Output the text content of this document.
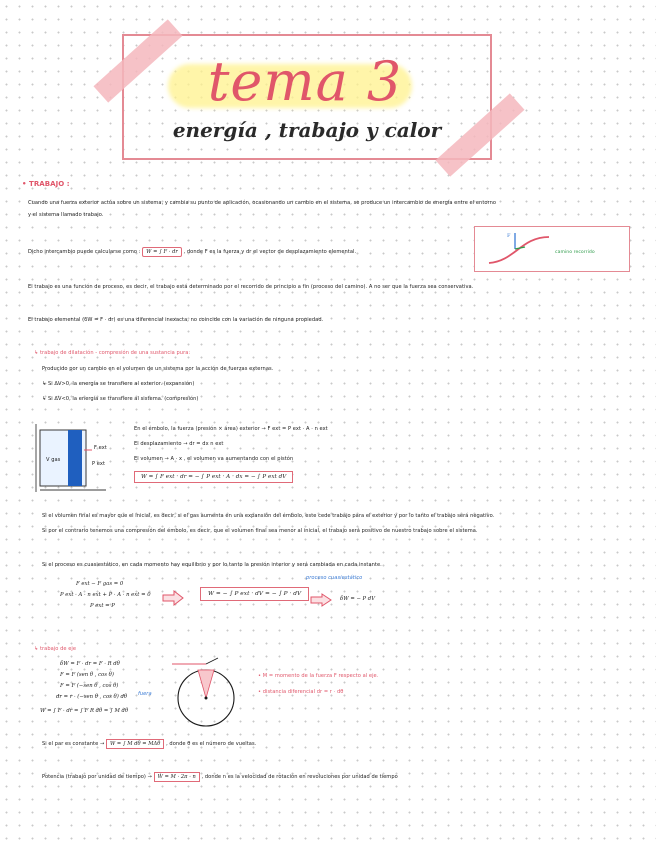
tema 3
energía , trabajo y calor
• TRABAJO :
Cuando una fuerza exterior actúa sobre un sistema, y cambia su punto de aplicación, ocasionando un cambio en el sistema, se produce un intercambio de energía entre el entorno
y el sistema llamado trabajo.
Dicho intercambio puede calcularse como : W = ∫ F · dr , donde F es la fuerza y dr el vector de desplazamiento elemental.
F
camino recorrido
El trabajo es una función de proceso, es decir, el trabajo está determinado por el recorrido de principio a fin (proceso del camino). A no ser que la fuerza sea conservativa.
El trabajo elemental (δW = F · dr) es una diferencial inexacta, no coincide con la variación de ninguna propiedad.
↳ trabajo de dilatación - compresión de una sustancia pura:
Producido por un cambio en el volumen de un sistema por la acción de fuerzas externas.
↳ Si ΔV>0, la energía se transfiere al exterior. (expansión)
↳ Si ΔV<0, la energía se transfiere al sistema. (compresión)
V gas
F ext
P ext
En el émbolo, la fuerza (presión × área) exterior → F ext = P ext · A · n ext
El desplazamiento → dr = dx n ext
El volumen → A · x , el volumen va aumentando con el pistón
W = ∫ F ext · dr = − ∫ P ext · A · dx = − ∫ P ext dV
Si el volumen final es mayor que el inicial, es decir, si el gas aumenta en una expansión del émbolo, este cede trabajo para el exterior y por lo tanto el trabajo será negativo.
Si por el contrario tenemos una compresión del émbolo, es decir, que el volumen final sea menor al inicial, el trabajo será positivo de nuestro trabajo sobre el sistema.
Si el proceso es cuasiestático, en cada momento hay equilibrio y por lo tanto la presión interior y será cambiada en cada instante.
F ext − F gas = 0
P ext · A · n ext + P · A · n ext = 0
P ext = P
W = − ∫ P ext · dV = − ∫ P · dV
proceso cuasiestático
δW = − P dV
↳ trabajo de eje
δW = F · dr = F · R dθ
F = F (sen θ , cos θ)
F = F (−sen θ , cos θ)
dr = r · (−sen θ , cos θ) dθ
W = ∫ F · dr = ∫ F R dθ = ∫ M dθ
• M = momento de la fuerza F respecto al eje.
• distancia diferencial dr = r · dθ
fuera
Si el par es constante → W = ∫ M dθ = MΔθ , donde θ es el número de vueltas.
Potencia (trabajo por unidad de tiempo) → Ẇ = M · 2π · n , donde n es la velocidad de rotación en revoluciones por unidad de tiempo
